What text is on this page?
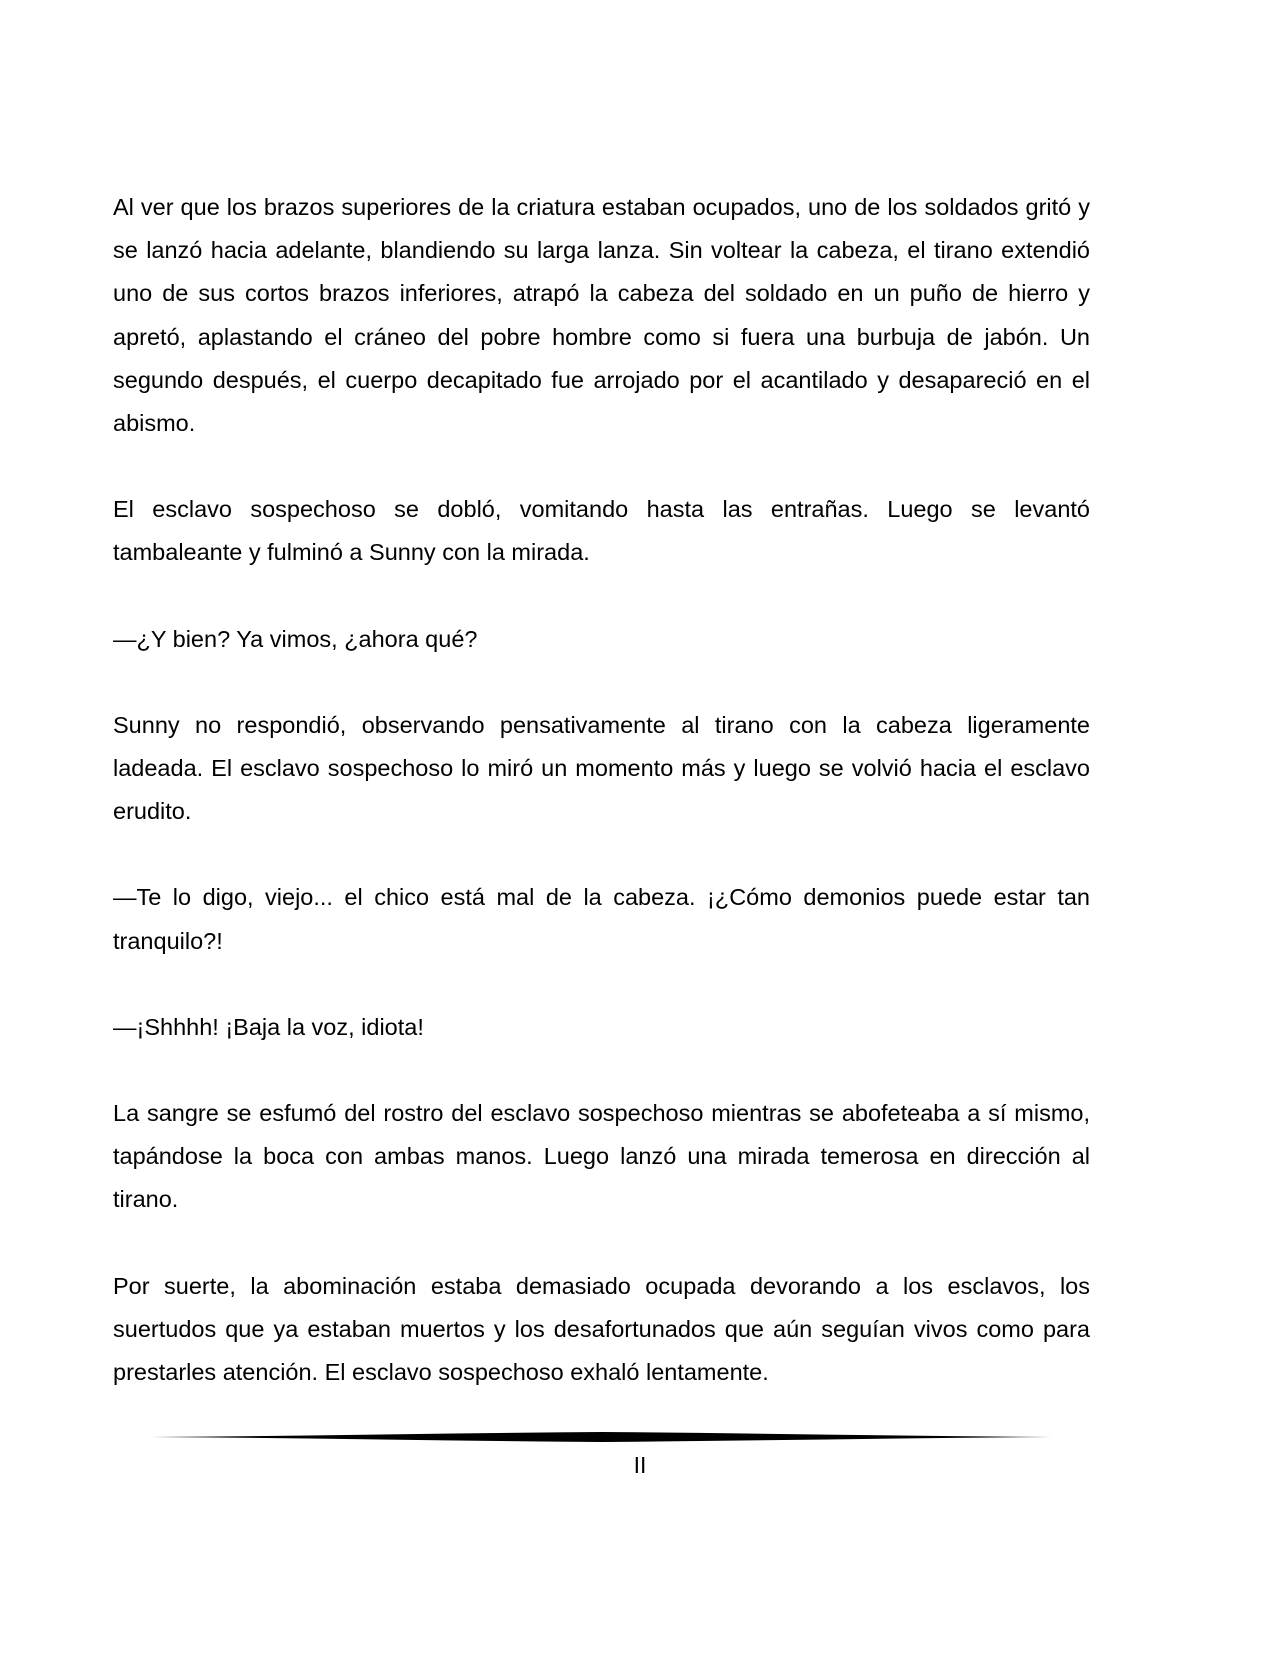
Al ver que los brazos superiores de la criatura estaban ocupados, uno de los soldados gritó y se lanzó hacia adelante, blandiendo su larga lanza. Sin voltear la cabeza, el tirano extendió uno de sus cortos brazos inferiores, atrapó la cabeza del soldado en un puño de hierro y apretó, aplastando el cráneo del pobre hombre como si fuera una burbuja de jabón. Un segundo después, el cuerpo decapitado fue arrojado por el acantilado y desapareció en el abismo.

El esclavo sospechoso se dobló, vomitando hasta las entrañas. Luego se levantó tambaleante y fulminó a Sunny con la mirada.

—¿Y bien? Ya vimos, ¿ahora qué?

Sunny no respondió, observando pensativamente al tirano con la cabeza ligeramente ladeada. El esclavo sospechoso lo miró un momento más y luego se volvió hacia el esclavo erudito.

—Te lo digo, viejo... el chico está mal de la cabeza. ¡¿Cómo demonios puede estar tan tranquilo?!

—¡Shhhh! ¡Baja la voz, idiota!

La sangre se esfumó del rostro del esclavo sospechoso mientras se abofeteaba a sí mismo, tapándose la boca con ambas manos. Luego lanzó una mirada temerosa en dirección al tirano.

Por suerte, la abominación estaba demasiado ocupada devorando a los esclavos, los suertudos que ya estaban muertos y los desafortunados que aún seguían vivos como para prestarles atención. El esclavo sospechoso exhaló lentamente.

II
